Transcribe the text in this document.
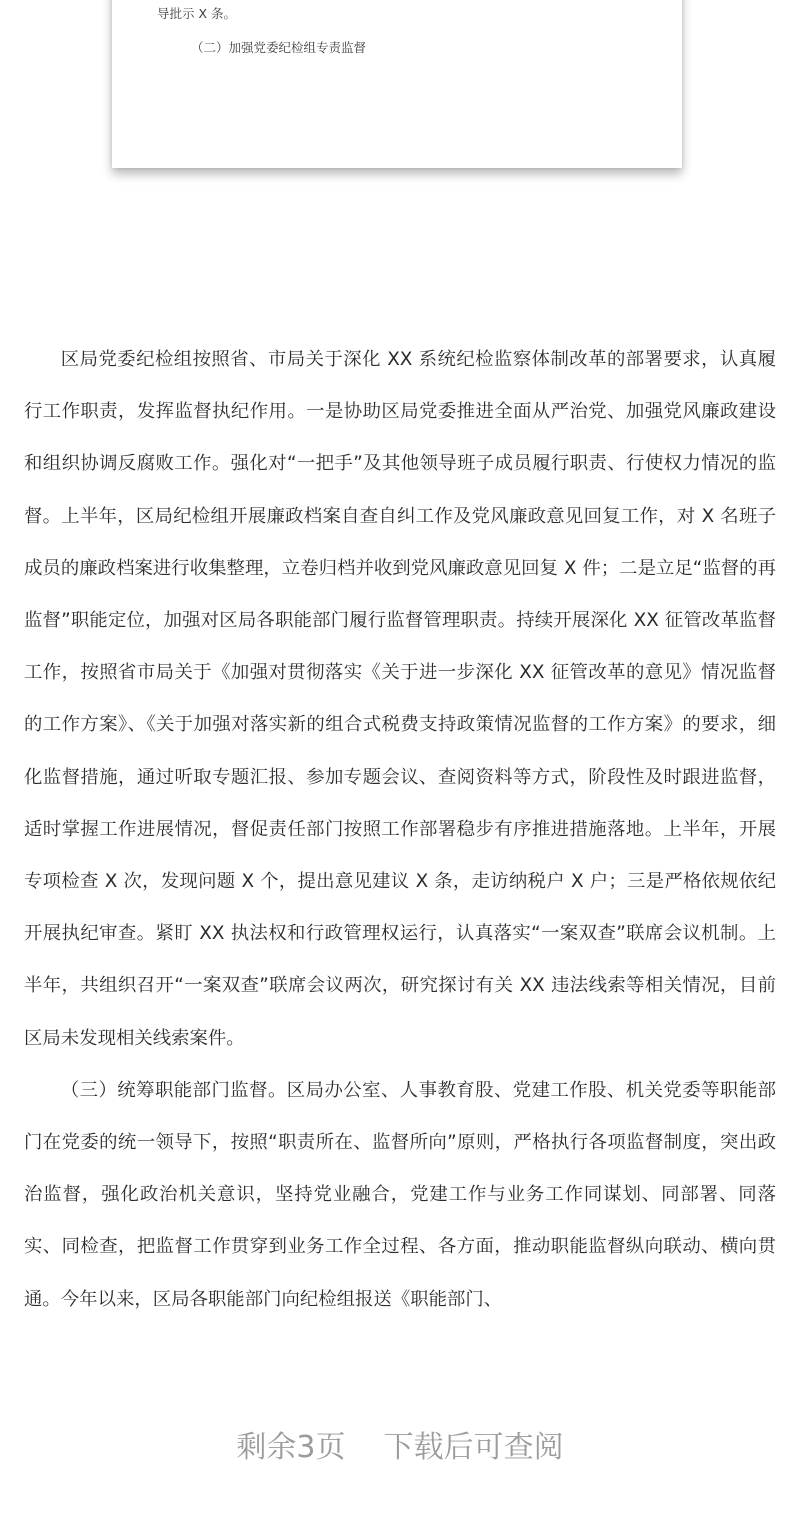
导批示 X 条。
（二）加强党委纪检组专责监督

区局党委纪检组按照省、市局关于深化 XX 系统纪检监察体制改革的部署要求，认真履行工作职责，发挥监督执纪作用。一是协助区局党委推进全面从严治党、加强党风廉政建设和组织协调反腐败工作。强化对“一把手”及其他领导班子成员履行职责、行使权力情况的监督。上半年，区局纪检组开展廉政档案自查自纠工作及党风廉政意见回复工作，对 X 名班子成员的廉政档案进行收集整理，立卷归档并收到党风廉政意见回复 X 件；二是立足“监督的再监督”职能定位，加强对区局各职能部门履行监督管理职责。持续开展深化 XX 征管改革监督工作，按照省市局关于《加强对贯彻落实《关于进一步深化 XX 征管改革的意见》情况监督的工作方案》、《关于加强对落实新的组合式税费支持政策情况监督的工作方案》的要求，细化监督措施，通过听取专题汇报、参加专题会议、查阅资料等方式，阶段性及时跟进监督，适时掌握工作进展情况，督促责任部门按照工作部署稳步有序推进措施落地。上半年，开展专项检查 X 次，发现问题 X 个，提出意见建议 X 条，走访纳税户 X 户；三是严格依规依纪开展执纪审查。紧盯 XX 执法权和行政管理权运行，认真落实“一案双查”联席会议机制。上半年，共组织召开“一案双查”联席会议两次，研究探讨有关 XX 违法线索等相关情况，目前区局未发现相关线索案件。

（三）统筹职能部门监督。区局办公室、人事教育股、党建工作股、机关党委等职能部门在党委的统一领导下，按照“职责所在、监督所向”原则，严格执行各项监督制度，突出政治监督，强化政治机关意识，坚持党业融合，党建工作与业务工作同谋划、同部署、同落实、同检查，把监督工作贯穿到业务工作全过程、各方面，推动职能监督纵向联动、横向贯通。今年以来，区局各职能部门向纪检组报送《职能部门、

剩余3页 下载后可查阅
